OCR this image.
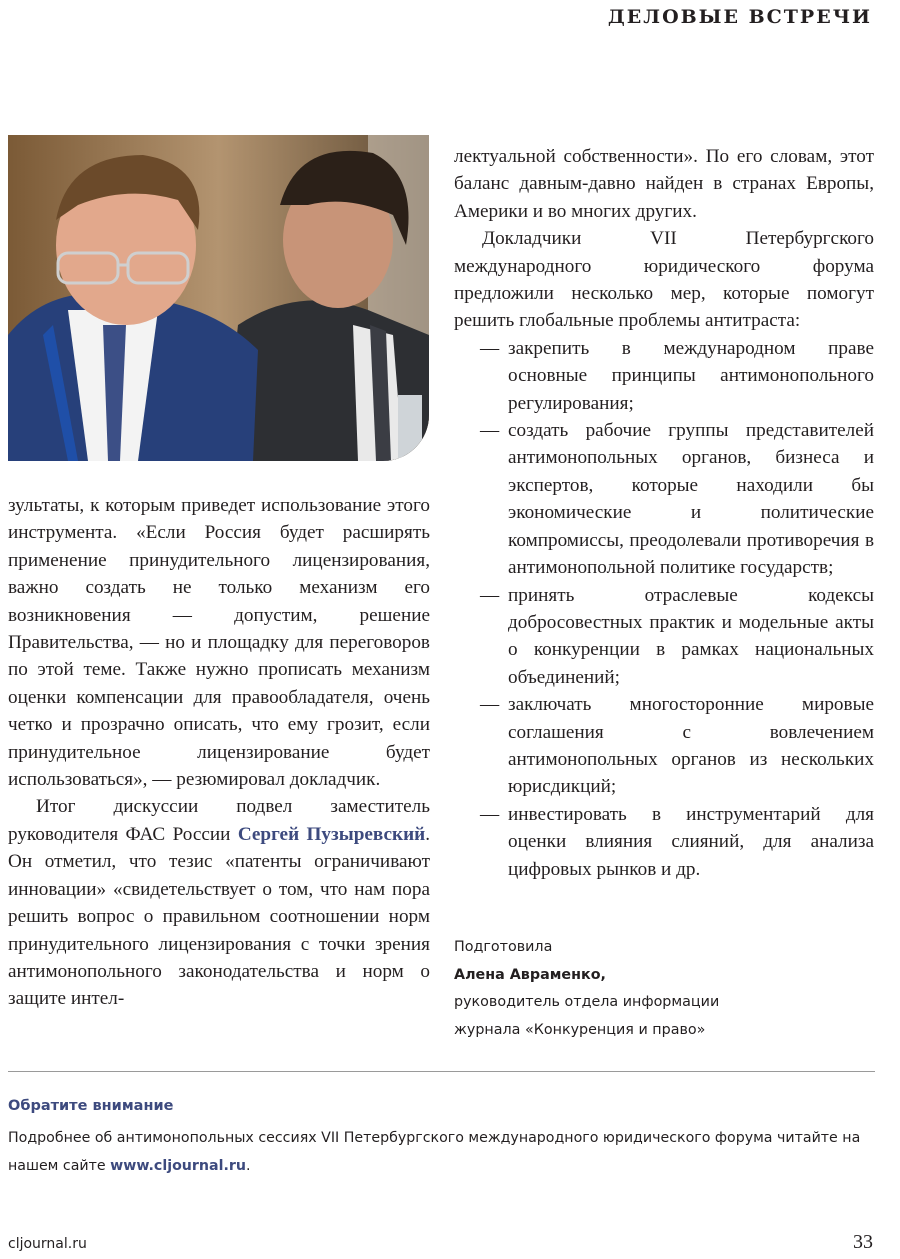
ДЕЛОВЫЕ ВСТРЕЧИ

зультаты, к которым приведет использование этого инструмента. «Если Россия будет расширять применение принудительного лицензирования, важно создать не только механизм его возникновения — допустим, решение Правительства, — но и площадку для переговоров по этой теме. Также нужно прописать механизм оценки компенсации для правообладателя, очень четко и прозрачно описать, что ему грозит, если принудительное лицензирование будет использоваться», — резюмировал докладчик.

Итог дискуссии подвел заместитель руководителя ФАС России Сергей Пузыревский. Он отметил, что тезис «патенты ограничивают инновации» «свидетельствует о том, что нам пора решить вопрос о правильном соотношении норм принудительного лицензирования с точки зрения антимонопольного законодательства и норм о защите интел-

лектуальной собственности». По его словам, этот баланс давным-давно найден в странах Европы, Америки и во многих других.

Докладчики VII Петербургского международного юридического форума предложили несколько мер, которые помогут решить глобальные проблемы антитраста:

— закрепить в международном праве основные принципы антимонопольного регулирования;
— создать рабочие группы представителей антимонопольных органов, бизнеса и экспертов, которые находили бы экономические и политические компромиссы, преодолевали противоречия в антимонопольной политике государств;
— принять отраслевые кодексы добросовестных практик и модельные акты о конкуренции в рамках национальных объединений;
— заключать многосторонние мировые соглашения с вовлечением антимонопольных органов из нескольких юрисдикций;
— инвестировать в инструментарий для оценки влияния слияний, для анализа цифровых рынков и др.
Подготовила
Алена Авраменко,
руководитель отдела информации
журнала «Конкуренция и право»
Обратите внимание
Подробнее об антимонопольных сессиях VII Петербургского международного юридического форума читайте на нашем сайте www.cljournal.ru.
cljournal.ru	33
